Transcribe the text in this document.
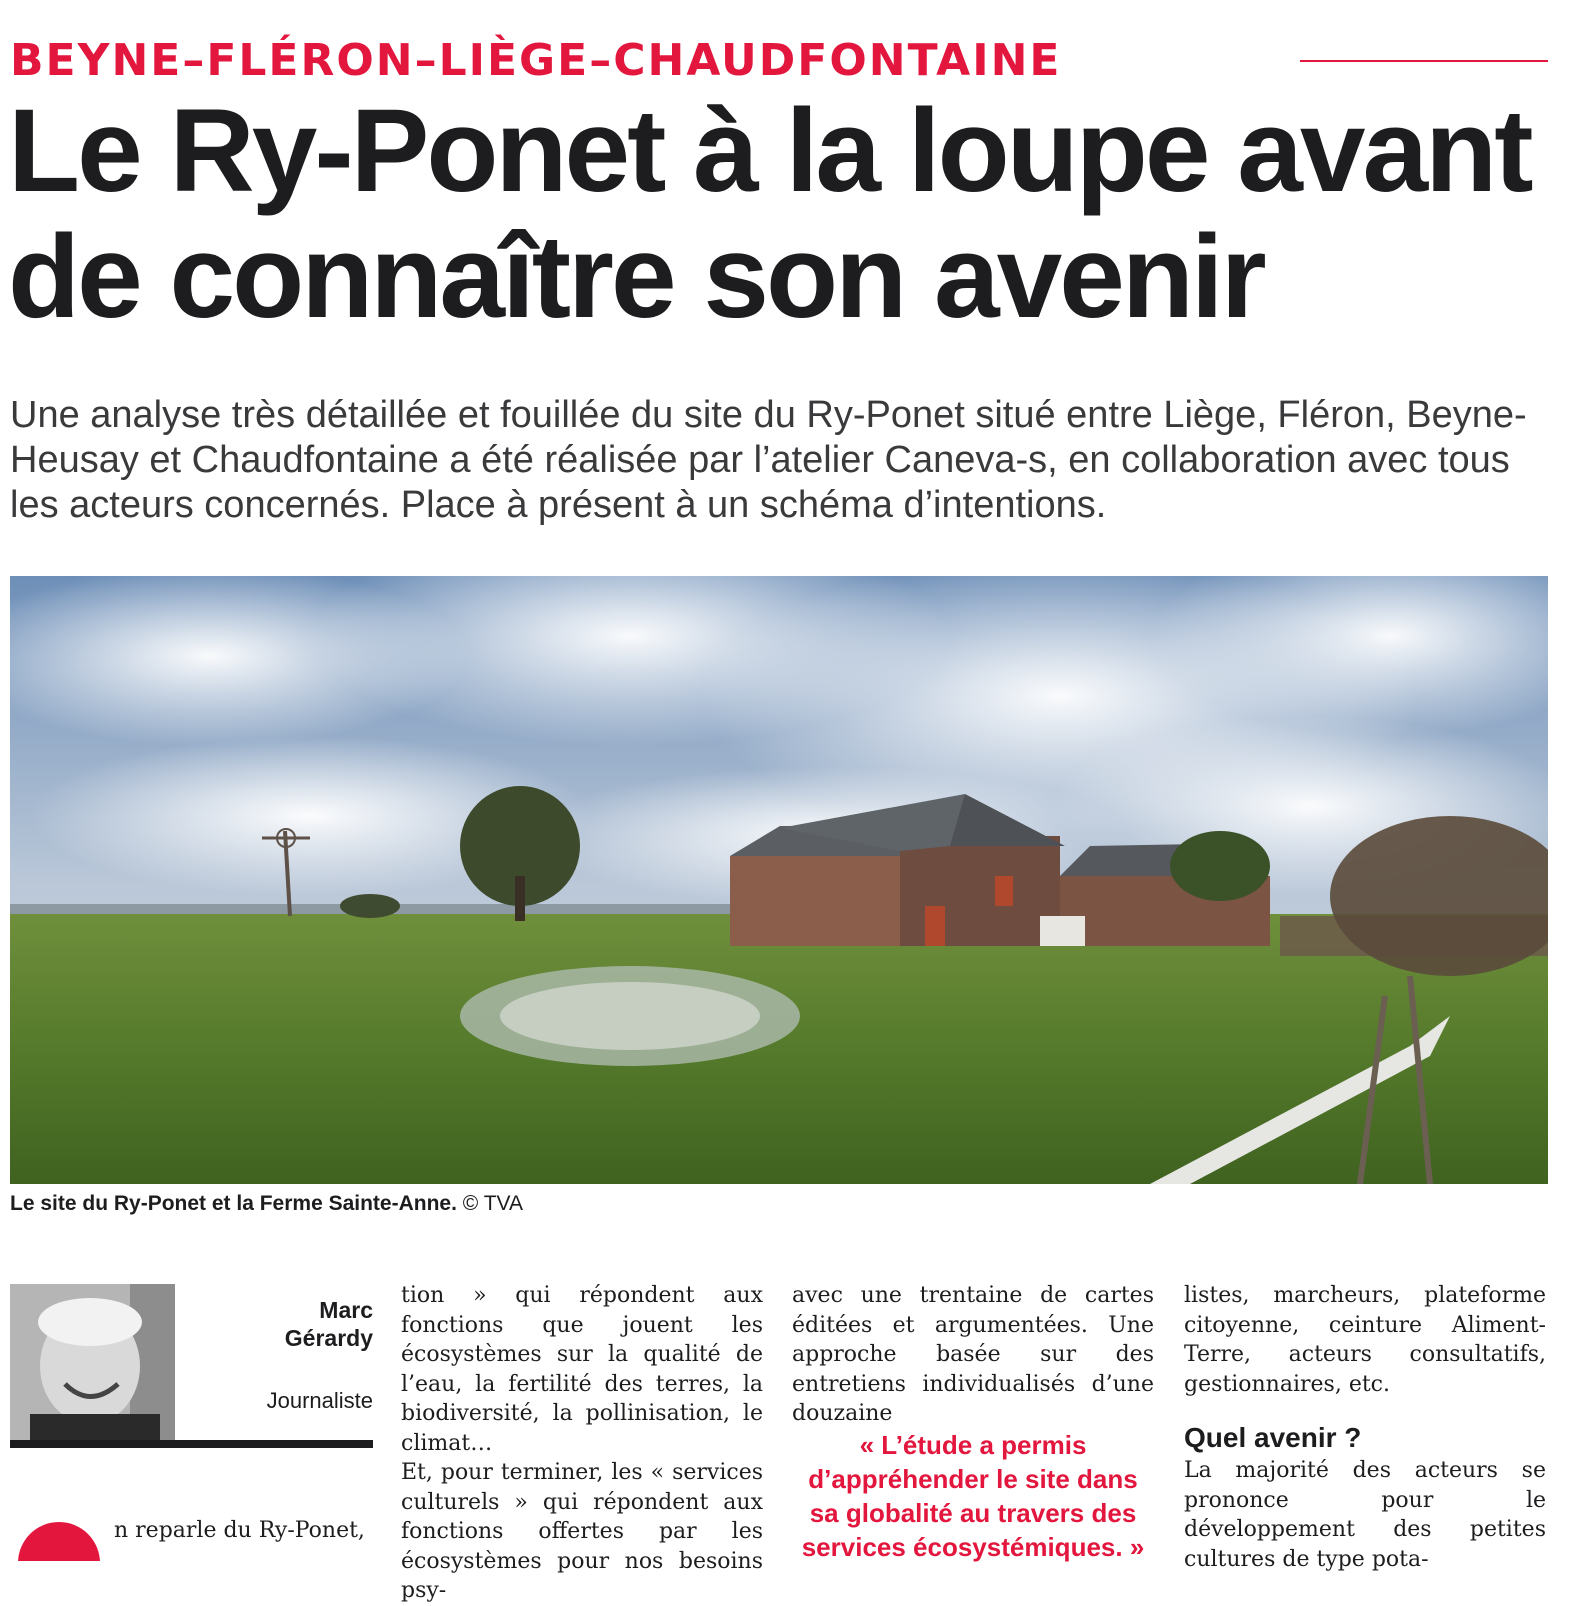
BEYNE–FLÉRON–LIÈGE–CHAUDFONTAINE
Le Ry-Ponet à la loupe avant
de connaître son avenir

Une analyse très détaillée et fouillée du site du Ry-Ponet situé entre Liège, Fléron, Beyne-Heusay et Chaudfontaine a été réalisée par l’atelier Caneva-s, en collaboration avec tous les acteurs concernés. Place à présent à un schéma d’intentions.

Le site du Ry-Ponet et la Ferme Sainte-Anne. © TVA
Marc
Gérardy
Journaliste
n reparle du Ry-Ponet,

tion » qui répondent aux fonctions que jouent les écosystèmes sur la qualité de l’eau, la fertilité des terres, la biodiversité, la pollinisation, le climat…

Et, pour terminer, les « services culturels » qui répondent aux fonctions offertes par les écosystèmes pour nos besoins psy-

avec une trentaine de cartes éditées et argumentées. Une approche basée sur des entretiens individualisés d’une douzaine

« L’étude a permis d’appréhender le site dans sa globalité au travers des services écosystémiques. »

listes, marcheurs, plateforme citoyenne, ceinture Aliment-Terre, acteurs consultatifs, gestionnaires, etc.

Quel avenir ?

La majorité des acteurs se prononce pour le développement des petites cultures de type pota-
